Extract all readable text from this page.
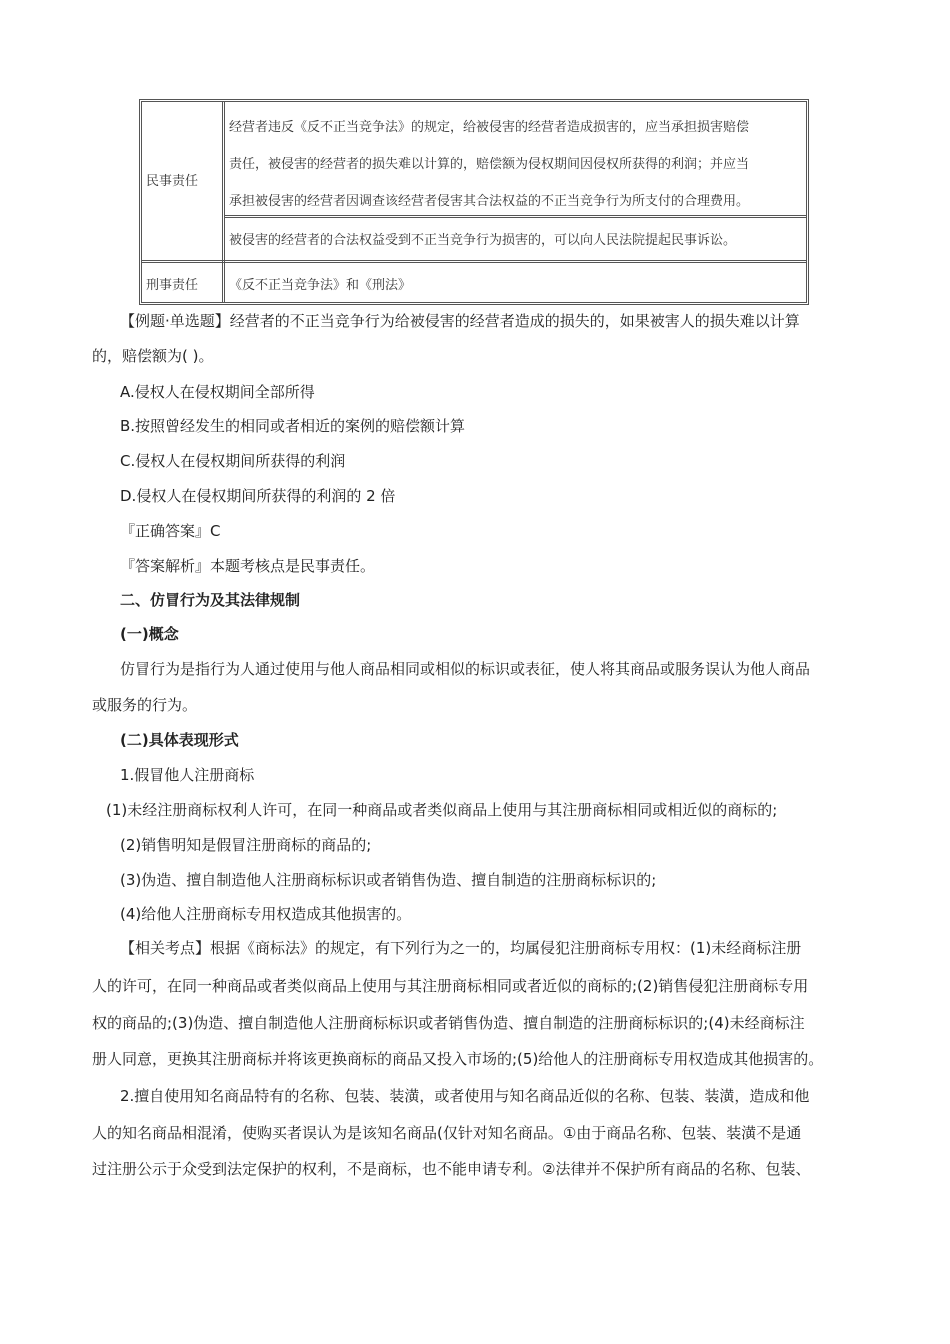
民事责任
经营者违反《反不正当竞争法》的规定，给被侵害的经营者造成损害的，应当承担损害赔偿
责任，被侵害的经营者的损失难以计算的，赔偿额为侵权期间因侵权所获得的利润；并应当
承担被侵害的经营者因调查该经营者侵害其合法权益的不正当竞争行为所支付的合理费用。
被侵害的经营者的合法权益受到不正当竞争行为损害的，可以向人民法院提起民事诉讼。
刑事责任 《反不正当竞争法》和《刑法》
【例题·单选题】经营者的不正当竞争行为给被侵害的经营者造成的损失的，如果被害人的损失难以计算
的，赔偿额为( )。
A.侵权人在侵权期间全部所得
B.按照曾经发生的相同或者相近的案例的赔偿额计算
C.侵权人在侵权期间所获得的利润
D.侵权人在侵权期间所获得的利润的 2 倍
『正确答案』C
『答案解析』本题考核点是民事责任。
二、仿冒行为及其法律规制
(一)概念
仿冒行为是指行为人通过使用与他人商品相同或相似的标识或表征，使人将其商品或服务误认为他人商品
或服务的行为。
(二)具体表现形式
1.假冒他人注册商标
(1)未经注册商标权利人许可，在同一种商品或者类似商品上使用与其注册商标相同或相近似的商标的;
(2)销售明知是假冒注册商标的商品的;
(3)伪造、擅自制造他人注册商标标识或者销售伪造、擅自制造的注册商标标识的;
(4)给他人注册商标专用权造成其他损害的。
【相关考点】根据《商标法》的规定，有下列行为之一的，均属侵犯注册商标专用权：(1)未经商标注册
人的许可，在同一种商品或者类似商品上使用与其注册商标相同或者近似的商标的;(2)销售侵犯注册商标专用
权的商品的;(3)伪造、擅自制造他人注册商标标识或者销售伪造、擅自制造的注册商标标识的;(4)未经商标注
册人同意，更换其注册商标并将该更换商标的商品又投入市场的;(5)给他人的注册商标专用权造成其他损害的。
2.擅自使用知名商品特有的名称、包装、装潢，或者使用与知名商品近似的名称、包装、装潢，造成和他
人的知名商品相混淆，使购买者误认为是该知名商品(仅针对知名商品。①由于商品名称、包装、装潢不是通
过注册公示于众受到法定保护的权利，不是商标，也不能申请专利。②法律并不保护所有商品的名称、包装、
